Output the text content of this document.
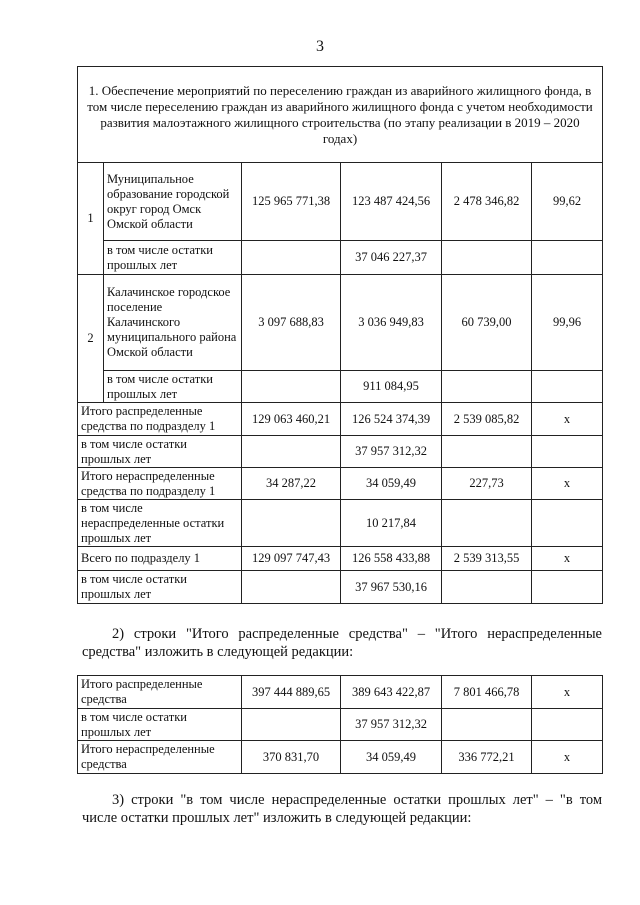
3
1. Обеспечение мероприятий по переселению граждан из аварийного жилищного фонда, в том числе переселению граждан из аварийного жилищного фонда с учетом необходимости развития малоэтажного жилищного строительства (по этапу реализации в 2019 – 2020 годах)					
1	Муниципальное образование городской округ город Омск Омской области	125 965 771,38	123 487 424,56	2 478 346,82	99,62
	в том числе остатки прошлых лет		37 046 227,37		
2	Калачинское городское поселение Калачинского муниципального района Омской области	3 097 688,83	3 036 949,83	60 739,00	99,96
	в том числе остатки прошлых лет		911 084,95		
Итого распределенные средства по подразделу 1		129 063 460,21	126 524 374,39	2 539 085,82	х
в том числе остатки прошлых лет			37 957 312,32		
Итого нераспределенные средства по подразделу 1		34 287,22	34 059,49	227,73	х
в том числе нераспределенные остатки прошлых лет			10 217,84		
Всего по подразделу 1		129 097 747,43	126 558 433,88	2 539 313,55	х
в том числе остатки прошлых лет			37 967 530,16		
2) строки "Итого распределенные средства" – "Итого нераспределенные средства" изложить в следующей редакции:
Итого распределенные средства	397 444 889,65	389 643 422,87	7 801 466,78	х
в том числе остатки прошлых лет		37 957 312,32		
Итого нераспределенные средства	370 831,70	34 059,49	336 772,21	х
3) строки "в том числе нераспределенные остатки прошлых лет" – "в том числе остатки прошлых лет" изложить в следующей редакции:
